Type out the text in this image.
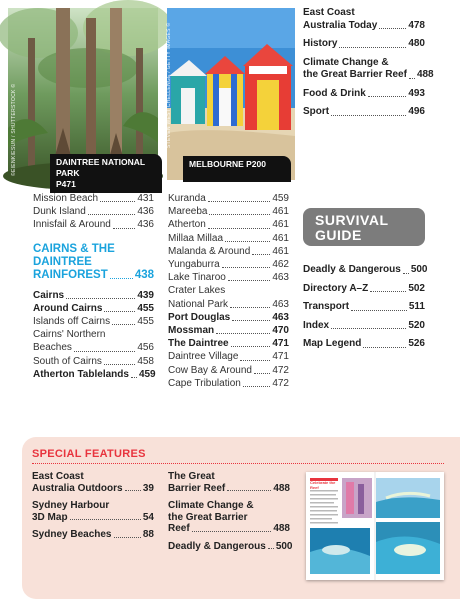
DAINTREE NATIONAL PARK
P471
©EIENKIESUN / SHUTTERSTOCK ©	MELBOURNE P200
STEVEN WEST CHELLENGE / GETTY IMAGES ©
Mission Beach	431
Dunk Island	436
Innisfail & Around	436
CAIRNS & THE
DAINTREE
RAINFOREST 438
Cairns	439
Around Cairns	455
Islands off Cairns	455
Cairns' Northern
Beaches	456
South of Cairns	458
Atherton Tablelands 459
Kuranda	459
Mareeba	461
Atherton	461
Millaa Millaa	461
Malanda & Around 461
Yungaburra	462
Lake Tinaroo	463
Crater Lakes
National Park	463
Port Douglas	463
Mossman	470
The Daintree	471
Daintree Village	471
Cow Bay & Around 472
Cape Tribulation	472
East Coast
Australia Today	478
History	480
Climate Change &
the Great Barrier Reef 488
Food & Drink	493
Sport	496
SURVIVAL
GUIDE
Deadly & Dangerous 500
Directory A–Z	502
Transport	511
Index	520
Map Legend	526
SPECIAL FEATURES
East Coast
Australia Outdoors 39
Sydney Harbour
3D Map	54
Sydney Beaches	88
The Great
Barrier Reef	488
Climate Change &
the Great Barrier
Reef	488
Deadly & Dangerous 500
Celebrate the Reef
